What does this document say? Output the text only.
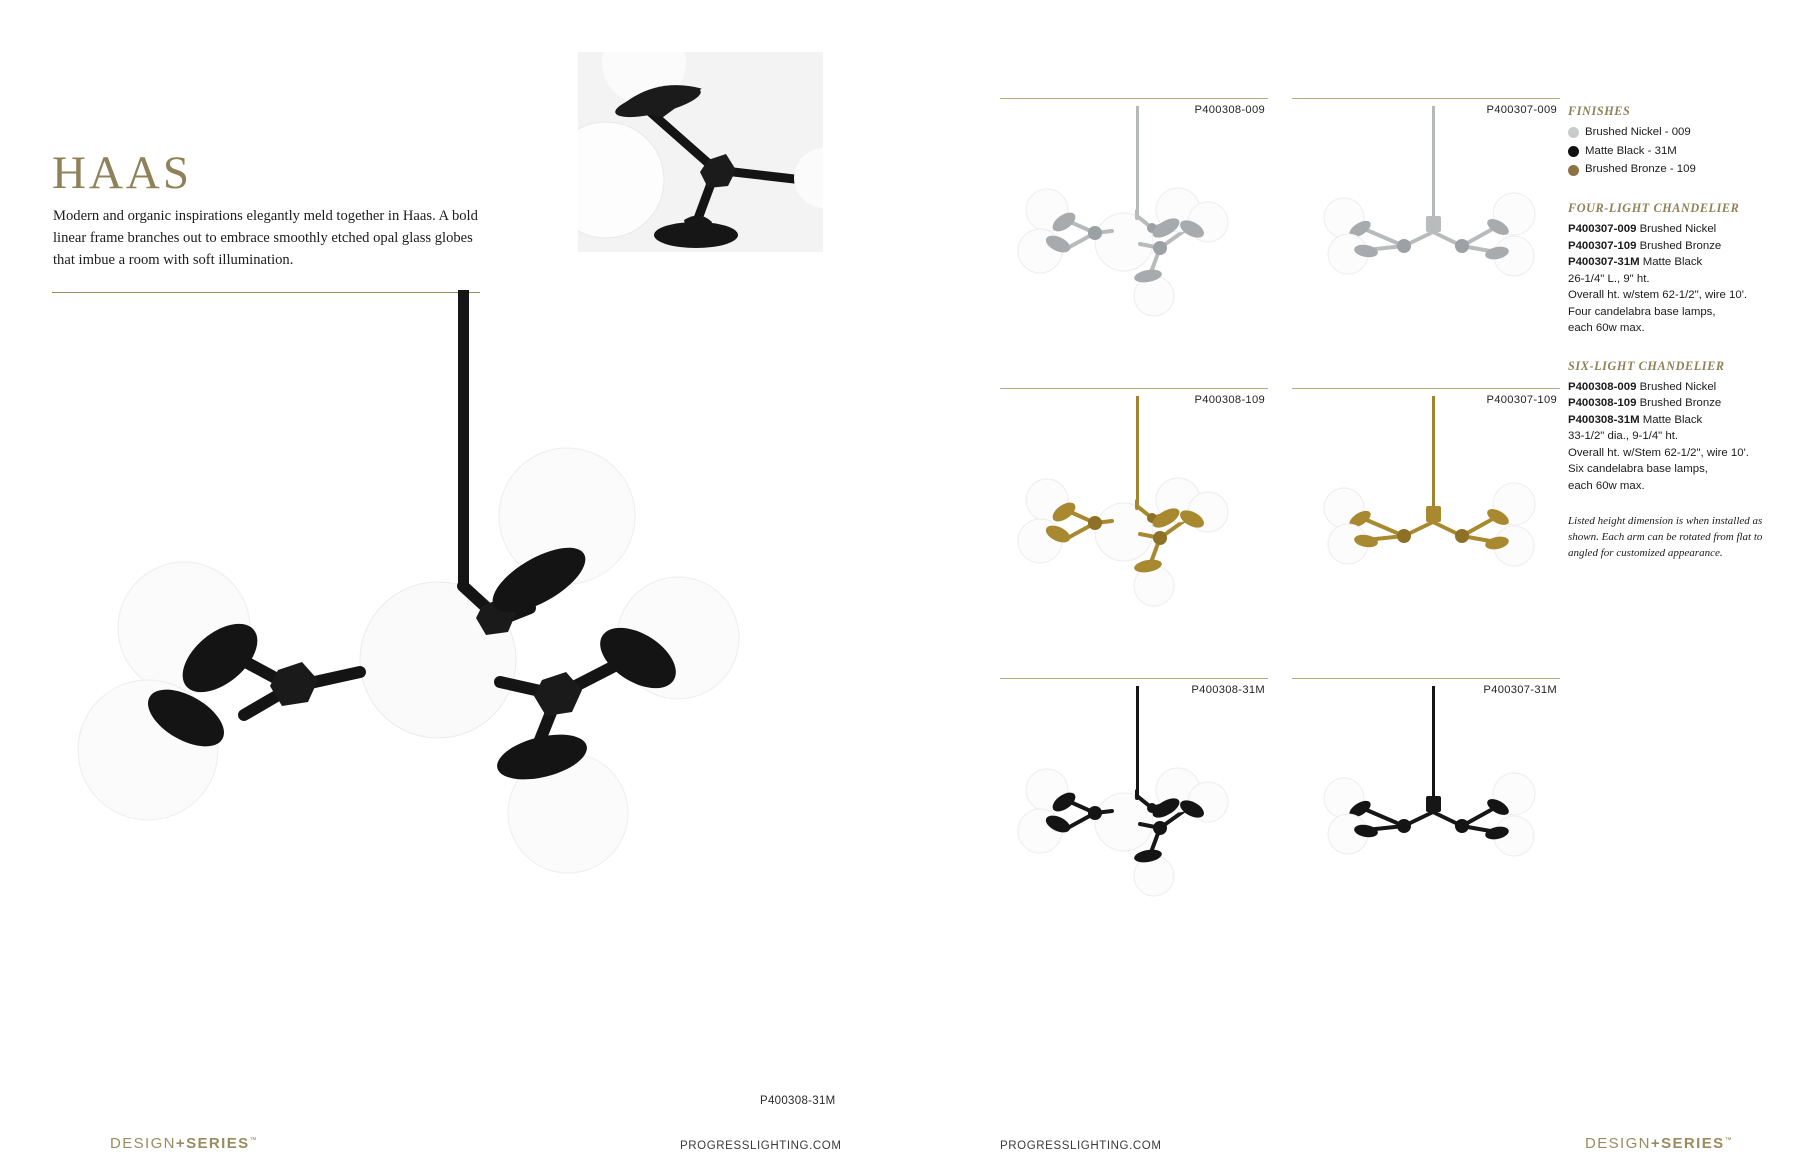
HAAS

Modern and organic inspirations elegantly meld together in Haas. A bold linear frame branches out to embrace smoothly etched opal glass globes that imbue a room with soft illumination.

P400308-31M
DESIGN+SERIES™	PROGRESSLIGHTING.COM
P400308-009	P400307-009
P400308-109	P400307-109
P400308-31M	P400307-31M
FINISHES
Brushed Nickel - 009
Matte Black - 31M
Brushed Bronze - 109
FOUR-LIGHT CHANDELIER
P400307-009 Brushed Nickel
P400307-109 Brushed Bronze
P400307-31M Matte Black
26-1/4" L., 9" ht.
Overall ht. w/stem 62-1/2", wire 10'.
Four candelabra base lamps,
each 60w max.
SIX-LIGHT CHANDELIER
P400308-009 Brushed Nickel
P400308-109 Brushed Bronze
P400308-31M Matte Black
33-1/2" dia., 9-1/4" ht.
Overall ht. w/Stem 62-1/2", wire 10'.
Six candelabra base lamps,
each 60w max.
Listed height dimension is when installed as shown. Each arm can be rotated from flat to angled for customized appearance.
PROGRESSLIGHTING.COM	DESIGN+SERIES™
